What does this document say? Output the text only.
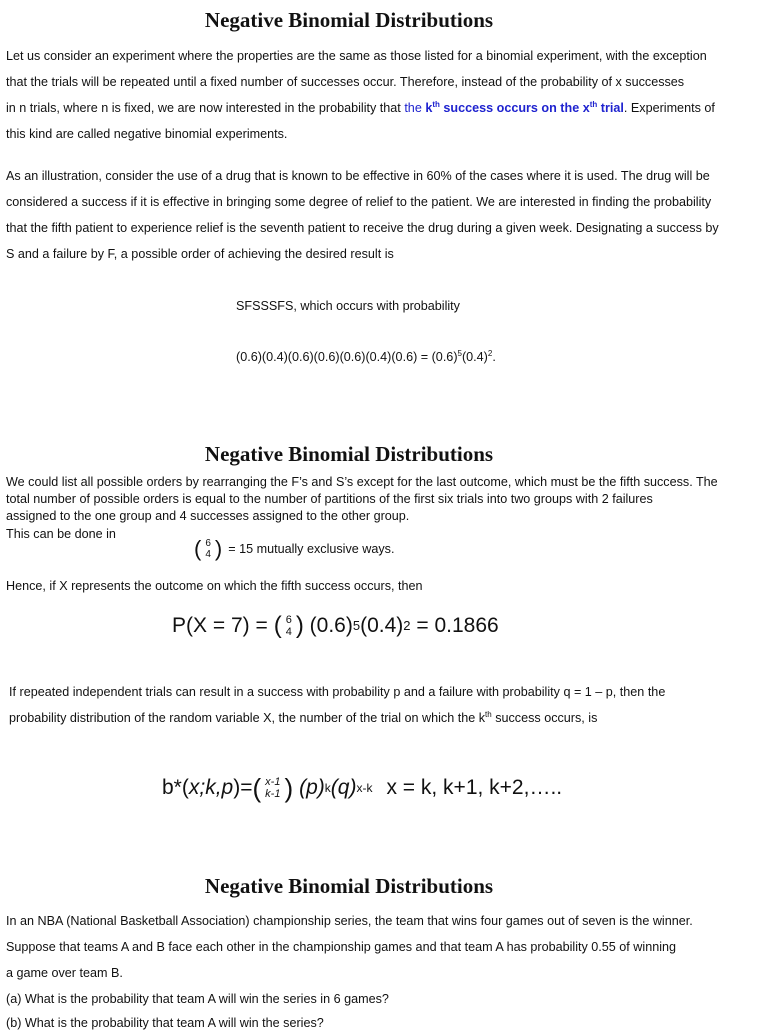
Negative Binomial Distributions
Let us consider an experiment where the properties are the same as those listed for a binomial experiment, with the exception
that the trials will be repeated until a fixed number of successes occur. Therefore, instead of the probability of x successes
in n trials, where n is fixed, we are now interested in the probability that the $k^{th}$ success occurs on the $x^{th}$ trial. Experiments of
this kind are called negative binomial experiments.
As an illustration, consider the use of a drug that is known to be effective in 60% of the cases where it is used. The drug will be
considered a success if it is effective in bringing some degree of relief to the patient. We are interested in finding the probability
that the fifth patient to experience relief is the seventh patient to receive the drug during a given week. Designating a success by
S and a failure by F, a possible order of achieving the desired result is
SFSSSFS, which occurs with probability
$(0.6)(0.4)(0.6)(0.6)(0.6)(0.4)(0.6) = (0.6)^5(0.4)^2$.
Negative Binomial Distributions
We could list all possible orders by rearranging the F’s and S’s except for the last outcome, which must be the fifth success. The
total number of possible orders is equal to the number of partitions of the first six trials into two groups with 2 failures
assigned to the one group and 4 successes assigned to the other group.
This can be done in
( 6
4 ) = 15 mutually exclusive ways.
Hence, if X represents the outcome on which the fifth success occurs, then
P(X = 7) = ( 6
4 ) (0.6) 5 (0.4) 2 = 0.1866
If repeated independent trials can result in a success with probability p and a failure with probability q = 1 – p, then the
probability distribution of the random variable X, the number of the trial on which the $k^{th}$ success occurs, is
b*( x;k,p )= ( x-1
k-1 ) (p) k (q) x-k x = k, k+1, k+2,…..
Negative Binomial Distributions
In an NBA (National Basketball Association) championship series, the team that wins four games out of seven is the winner.
Suppose that teams A and B face each other in the championship games and that team A has probability 0.55 of winning
a game over team B.
(a) What is the probability that team A will win the series in 6 games?
(b) What is the probability that team A will win the series?
